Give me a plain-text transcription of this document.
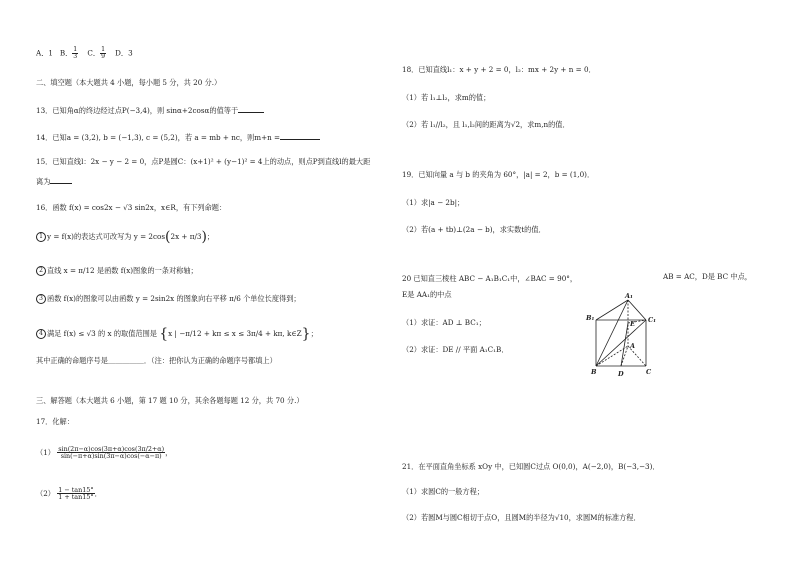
A．1 B． $\frac{1}{3}$ C． $\frac{1}{9}$ D．3
二、填空题（本大题共 4 小题，每小题 5 分，共 20 分.）
13．已知角α的终边经过点P(−3,4)，则 sinα+2cosα的值等于
14．已知a = (3,2), b = (−1,3), c = (5,2)，若 a = mb + nc，则m+n =
15．已知直线l：2x − y − 2 = 0，点P是圆C：(x+1)² + (y−1)² = 4上的动点，则点P到直线l的最大距
离为
16．函数 f(x) = cos2x − √3 sin2x，x∈R，有下列命题：
1 y = f(x)的表达式可改写为 y = 2cos(2x + π/3)；
2 直线 x = π/12 是函数 f(x)图象的一条对称轴；
3 函数 f(x)的图象可以由函数 y = 2sin2x 的图象向右平移 π/6 个单位长度得到；
4 满足 f(x) ≤ √3 的 x 的取值范围是 {x | −π/12 + kπ ≤ x ≤ 3π/4 + kπ, k∈Z}；
其中正确的命题序号是＿＿＿＿＿．（注：把你认为正确的命题序号都填上）
三、解答题（本大题共 6 小题，第 17 题 10 分，其余各题每题 12 分，共 70 分.）
17．化解：
$(1) \frac{\sin(2\pi-\alpha)\cos(3\pi+\alpha)\cos(3\pi/2+\alpha)}{\sin(-\pi+\alpha)\sin(3\pi-\alpha)\cos(-\alpha-\pi)}$ ，
$(2) \frac{1 - \tan 15^\circ}{1 + \tan 15^\circ}$ ．
18．已知直线l₁：x + y + 2 = 0，l₂：mx + 2y + n = 0．
（1）若 l₁⊥l₂，求m的值；
（2）若 l₁//l₂，且 l₁,l₂间的距离为√2，求m,n的值．
19．已知向量 a 与 b 的夹角为 60°，|a| = 2，b = (1,0)．
（1）求|a − 2b|；
（2）若(a + tb)⊥(2a − b)，求实数t的值．
20 已知直三棱柱 ABC − A₁B₁C₁中，∠BAC = 90°，	AB = AC，D是 BC 中点，
E是 AA₁的中点
（1）求证：AD ⊥ BC₁；
（2）求证：DE // 平面 A₁C₁B．
A₁
B₁	C₁
E
A
B	D	C
21．在平面直角坐标系 xOy 中，已知圆C过点 O(0,0)，A(−2,0)，B(−3,−3)．
（1）求圆C的一般方程；
（2）若圆M与圆C相切于点O，且圆M的半径为√10，求圆M的标准方程．
